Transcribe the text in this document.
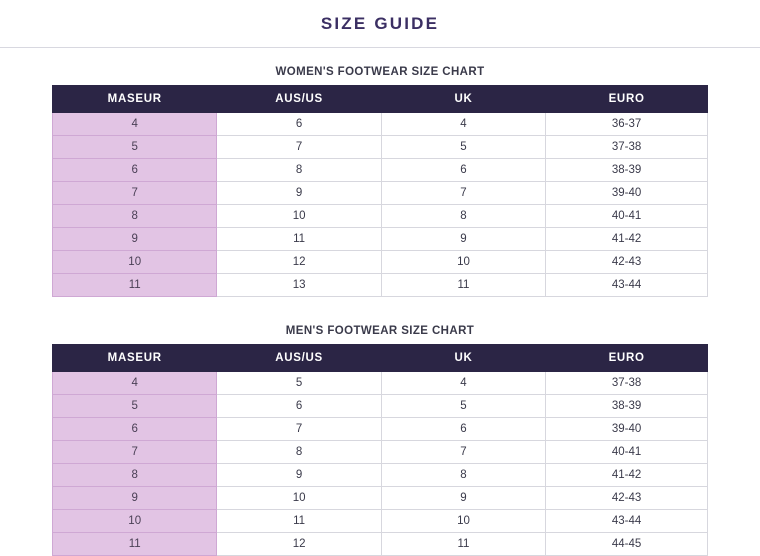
SIZE GUIDE
WOMEN'S FOOTWEAR SIZE CHART
MASEUR	AUS/US	UK	EURO
4	6	4	36-37
5	7	5	37-38
6	8	6	38-39
7	9	7	39-40
8	10	8	40-41
9	11	9	41-42
10	12	10	42-43
11	13	11	43-44
MEN'S FOOTWEAR SIZE CHART
MASEUR	AUS/US	UK	EURO
4	5	4	37-38
5	6	5	38-39
6	7	6	39-40
7	8	7	40-41
8	9	8	41-42
9	10	9	42-43
10	11	10	43-44
11	12	11	44-45
